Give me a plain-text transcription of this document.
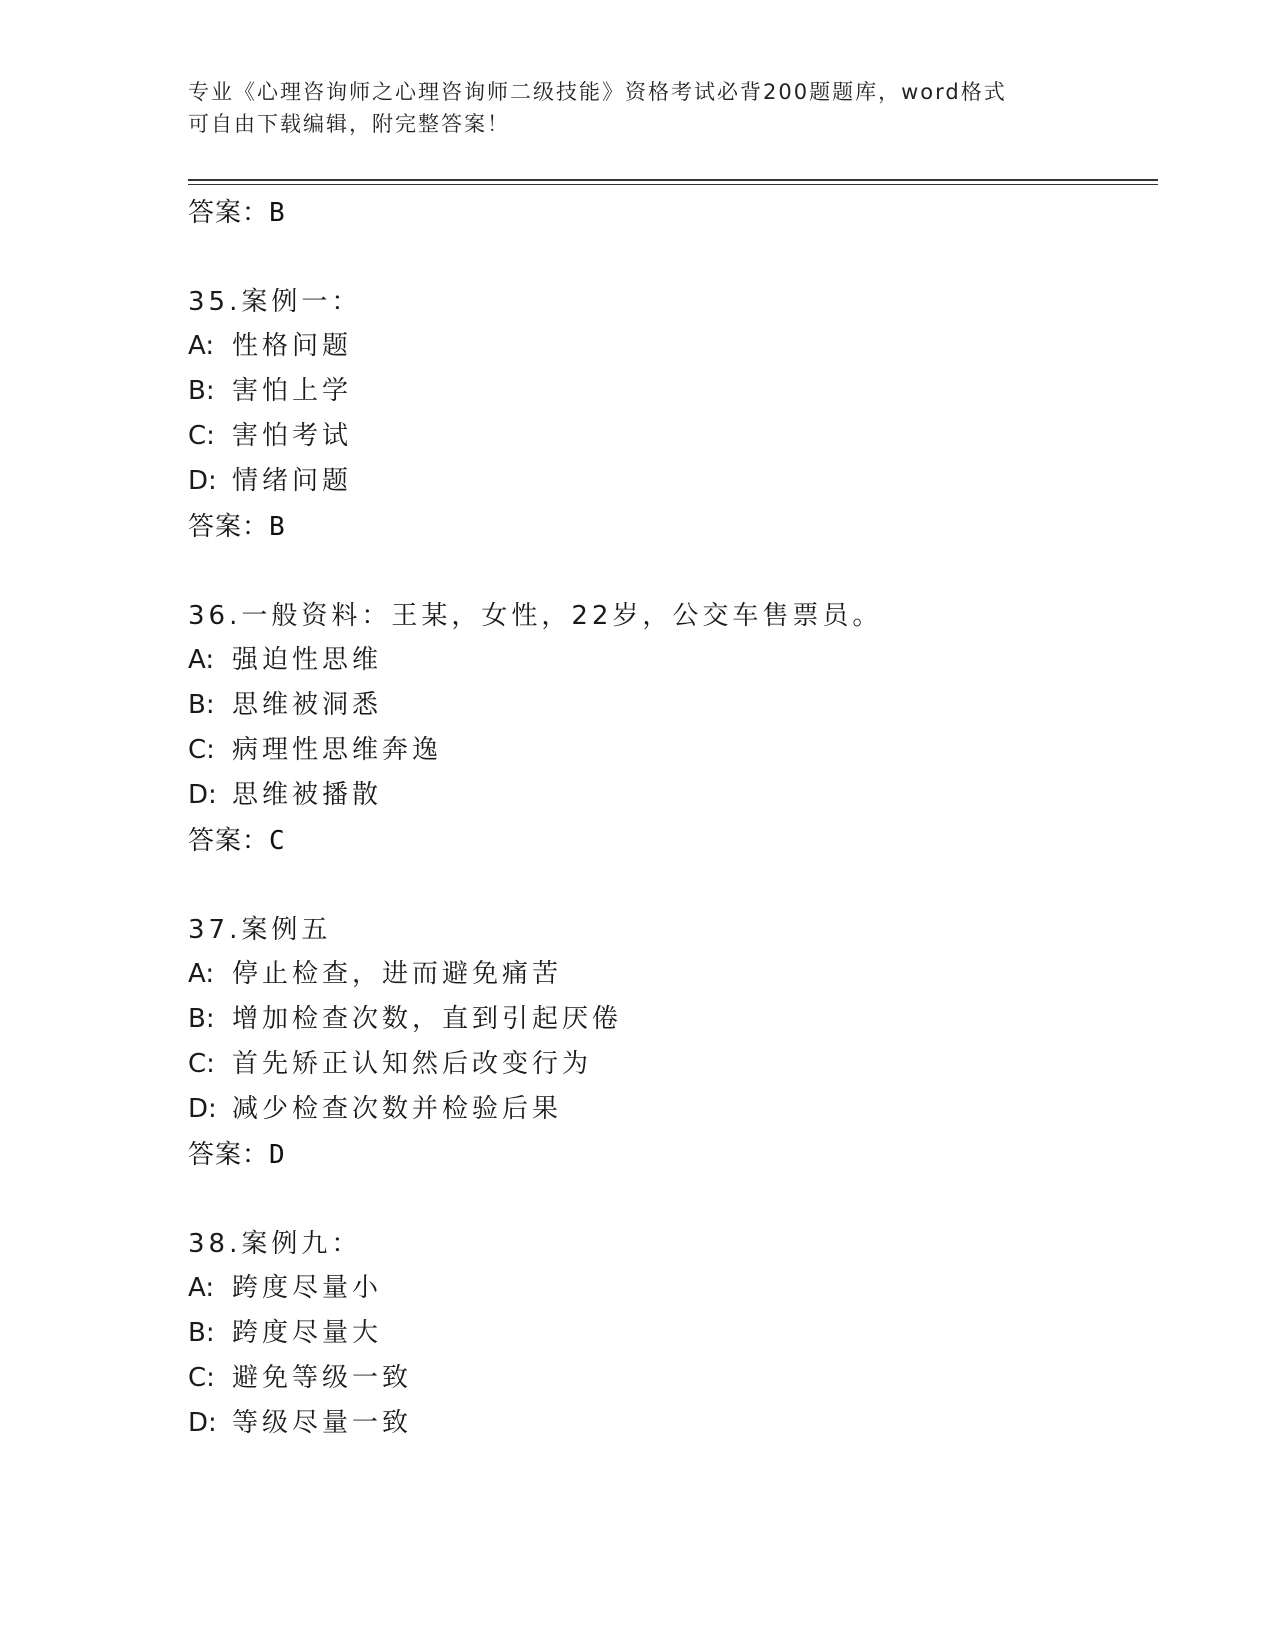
专业《心理咨询师之心理咨询师二级技能》资格考试必背200题题库，word格式
可自由下载编辑，附完整答案！
答案：B
35.案例一：
A: 性格问题
B: 害怕上学
C: 害怕考试
D: 情绪问题
答案：B
36.一般资料：王某，女性，22岁，公交车售票员。
A: 强迫性思维
B: 思维被洞悉
C: 病理性思维奔逸
D: 思维被播散
答案：C
37.案例五
A: 停止检查，进而避免痛苦
B: 增加检查次数，直到引起厌倦
C: 首先矫正认知然后改变行为
D: 减少检查次数并检验后果
答案：D
38.案例九：
A: 跨度尽量小
B: 跨度尽量大
C: 避免等级一致
D: 等级尽量一致
